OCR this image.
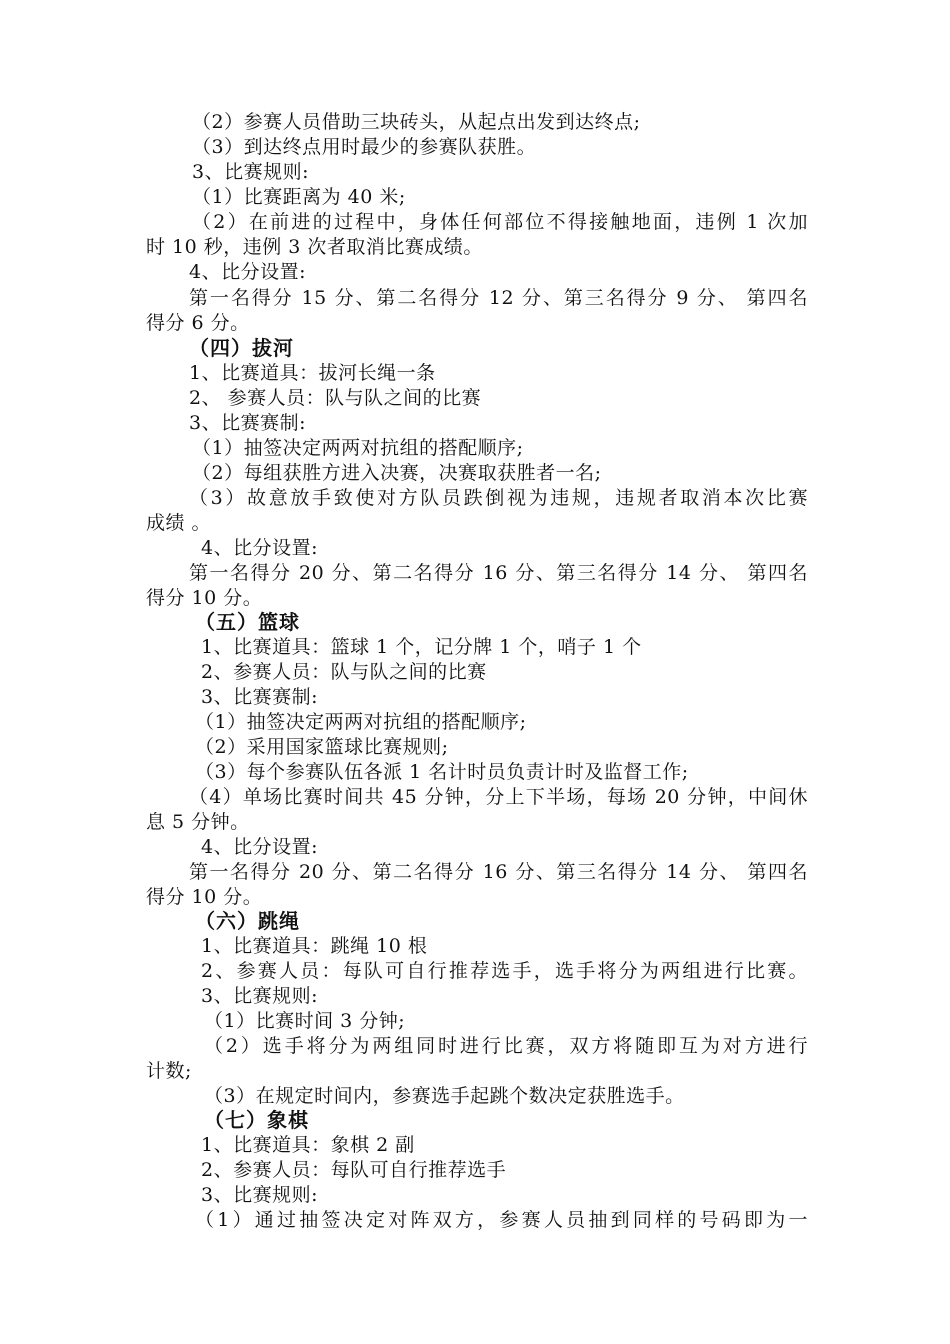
（2）参赛人员借助三块砖头，从起点出发到达终点;
（3）到达终点用时最少的参赛队获胜。
3、比赛规则:
（1）比赛距离为 40 米;
（2）在前进的过程中，身体任何部位不得接触地面，违例 1 次加
时 10 秒，违例 3 次者取消比赛成绩。
4、比分设置:
第一名得分 15 分、第二名得分 12 分、第三名得分 9 分、 第四名
得分 6 分。
（四）拔河
1、比赛道具：拔河长绳一条
2、 参赛人员：队与队之间的比赛
3、比赛赛制:
（1）抽签决定两两对抗组的搭配顺序;
（2）每组获胜方进入决赛，决赛取获胜者一名;
（3）故意放手致使对方队员跌倒视为违规，违规者取消本次比赛
成绩 。
4、比分设置:
第一名得分 20 分、第二名得分 16 分、第三名得分 14 分、 第四名
得分 10 分。
（五）篮球
1、比赛道具：篮球 1 个，记分牌 1 个，哨子 1 个
2、参赛人员：队与队之间的比赛
3、比赛赛制:
（1）抽签决定两两对抗组的搭配顺序;
（2）采用国家篮球比赛规则;
（3）每个参赛队伍各派 1 名计时员负责计时及监督工作;
（4）单场比赛时间共 45 分钟，分上下半场，每场 20 分钟，中间休
息 5 分钟。
4、比分设置:
第一名得分 20 分、第二名得分 16 分、第三名得分 14 分、 第四名
得分 10 分。
（六）跳绳
1、比赛道具：跳绳 10 根
2、参赛人员：每队可自行推荐选手，选手将分为两组进行比赛。
3、比赛规则:
（1）比赛时间 3 分钟;
（2）选手将分为两组同时进行比赛，双方将随即互为对方进行
计数;
（3）在规定时间内，参赛选手起跳个数决定获胜选手。
（七）象棋
1、比赛道具：象棋 2 副
2、参赛人员：每队可自行推荐选手
3、比赛规则:
（1）通过抽签决定对阵双方，参赛人员抽到同样的号码即为一
